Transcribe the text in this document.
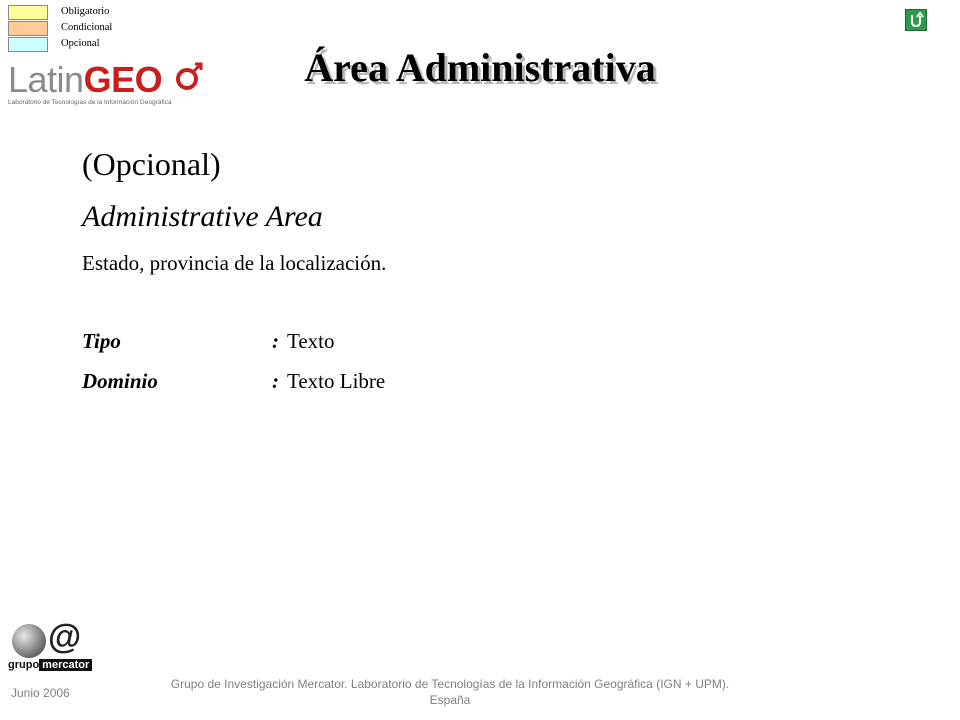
Obligatorio
Condicional
Opcional
LatinGEO
Laboratorio de Tecnologías de la Información Geográfica
Área Administrativa
(Opcional)
Administrative Area
Estado, provincia de la localización.
Tipo	: Texto
Dominio	: Texto Libre
@
grupo mercator
Junio 2006
Grupo de Investigación Mercator. Laboratorio de Tecnologías de la Información Geográfica (IGN + UPM).
España
